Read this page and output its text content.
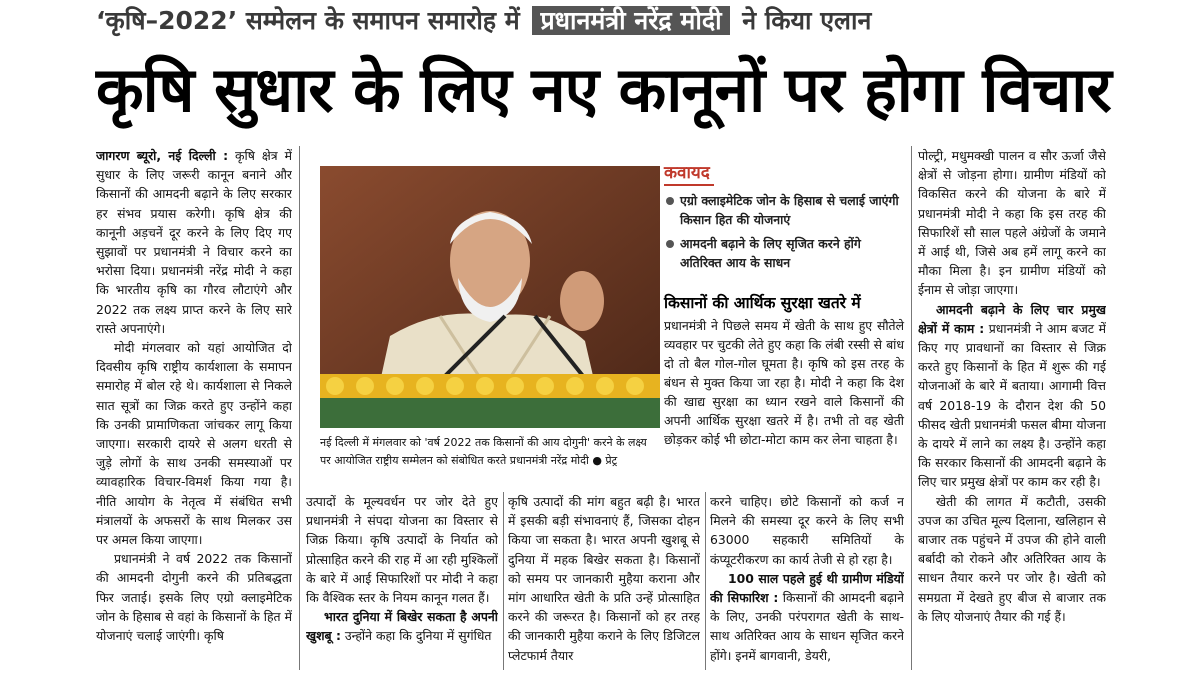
‘कृषि–2022’ सम्मेलन के समापन समारोह में प्रधानमंत्री नरेंद्र मोदी ने किया एलान
कृषि सुधार के लिए नए कानूनों पर होगा विचार

जागरण ब्यूरो, नई दिल्ली : कृषि क्षेत्र में सुधार के लिए जरूरी कानून बनाने और किसानों की आमदनी बढ़ाने के लिए सरकार हर संभव प्रयास करेगी। कृषि क्षेत्र की कानूनी अड़चनें दूर करने के लिए दिए गए सुझावों पर प्रधानमंत्री ने विचार करने का भरोसा दिया। प्रधानमंत्री नरेंद्र मोदी ने कहा कि भारतीय कृषि का गौरव लौटाएंगे और 2022 तक लक्ष्य प्राप्त करने के लिए सारे रास्ते अपनाएंगे।

मोदी मंगलवार को यहां आयोजित दो दिवसीय कृषि राष्ट्रीय कार्यशाला के समापन समारोह में बोल रहे थे। कार्यशाला से निकले सात सूत्रों का जिक्र करते हुए उन्होंने कहा कि उनकी प्रामाणिकता जांचकर लागू किया जाएगा। सरकारी दायरे से अलग धरती से जुड़े लोगों के साथ उनकी समस्याओं पर व्यावहारिक विचार-विमर्श किया गया है। नीति आयोग के नेतृत्व में संबंधित सभी मंत्रालयों के अफसरों के साथ मिलकर उस पर अमल किया जाएगा।

प्रधानमंत्री ने वर्ष 2022 तक किसानों की आमदनी दोगुनी करने की प्रतिबद्धता फिर जताई। इसके लिए एग्रो क्लाइमेटिक जोन के हिसाब से वहां के किसानों के हित में योजनाएं चलाई जाएंगी। कृषि

नई दिल्ली में मंगलवार को 'वर्ष 2022 तक किसानों की आय दोगुनी' करने के लक्ष्य पर आयोजित राष्ट्रीय सम्मेलन को संबोधित करते प्रधानमंत्री नरेंद्र मोदी ● प्रेट्र
कवायद
एग्रो क्लाइमेटिक जोन के हिसाब से चलाई जाएंगी किसान हित की योजनाएं
आमदनी बढ़ाने के लिए सृजित करने होंगे अतिरिक्त आय के साधन
किसानों की आर्थिक सुरक्षा खतरे में
प्रधानमंत्री ने पिछले समय में खेती के साथ हुए सौतेले व्यवहार पर चुटकी लेते हुए कहा कि लंबी रस्सी से बांध दो तो बैल गोल-गोल घूमता है। कृषि को इस तरह के बंधन से मुक्त किया जा रहा है। मोदी ने कहा कि देश की खाद्य सुरक्षा का ध्यान रखने वाले किसानों की अपनी आर्थिक सुरक्षा खतरे में है। तभी तो वह खेती छोड़कर कोई भी छोटा-मोटा काम कर लेना चाहता है।

उत्पादों के मूल्यवर्धन पर जोर देते हुए प्रधानमंत्री ने संपदा योजना का विस्तार से जिक्र किया। कृषि उत्पादों के निर्यात को प्रोत्साहित करने की राह में आ रही मुश्किलों के बारे में आई सिफारिशों पर मोदी ने कहा कि वैश्विक स्तर के नियम कानून गलत हैं।

भारत दुनिया में बिखेर सकता है अपनी खुशबू : उन्होंने कहा कि दुनिया में सुगंधित

कृषि उत्पादों की मांग बहुत बढ़ी है। भारत में इसकी बड़ी संभावनाएं हैं, जिसका दोहन किया जा सकता है। भारत अपनी खुशबू से दुनिया में महक बिखेर सकता है। किसानों को समय पर जानकारी मुहैया कराना और मांग आधारित खेती के प्रति उन्हें प्रोत्साहित करने की जरूरत है। किसानों को हर तरह की जानकारी मुहैया कराने के लिए डिजिटल प्लेटफार्म तैयार

करने चाहिए। छोटे किसानों को कर्ज न मिलने की समस्या दूर करने के लिए सभी 63000 सहकारी समितियों के कंप्यूटरीकरण का कार्य तेजी से हो रहा है।

100 साल पहले हुई थी ग्रामीण मंडियों की सिफारिश : किसानों की आमदनी बढ़ाने के लिए, उनकी परंपरागत खेती के साथ-साथ अतिरिक्त आय के साधन सृजित करने होंगे। इनमें बागवानी, डेयरी,

पोल्ट्री, मधुमक्खी पालन व सौर ऊर्जा जैसे क्षेत्रों से जोड़ना होगा। ग्रामीण मंडियों को विकसित करने की योजना के बारे में प्रधानमंत्री मोदी ने कहा कि इस तरह की सिफारिशें सौ साल पहले अंग्रेजों के जमाने में आई थी, जिसे अब हमें लागू करने का मौका मिला है। इन ग्रामीण मंडियों को ईनाम से जोड़ा जाएगा।

आमदनी बढ़ाने के लिए चार प्रमुख क्षेत्रों में काम : प्रधानमंत्री ने आम बजट में किए गए प्रावधानों का विस्तार से जिक्र करते हुए किसानों के हित में शुरू की गई योजनाओं के बारे में बताया। आगामी वित्त वर्ष 2018-19 के दौरान देश की 50 फीसद खेती प्रधानमंत्री फसल बीमा योजना के दायरे में लाने का लक्ष्य है। उन्होंने कहा कि सरकार किसानों की आमदनी बढ़ाने के लिए चार प्रमुख क्षेत्रों पर काम कर रही है।

खेती की लागत में कटौती, उसकी उपज का उचित मूल्य दिलाना, खलिहान से बाजार तक पहुंचने में उपज की होने वाली बर्बादी को रोकने और अतिरिक्त आय के साधन तैयार करने पर जोर है। खेती को समग्रता में देखते हुए बीज से बाजार तक के लिए योजनाएं तैयार की गई हैं।
